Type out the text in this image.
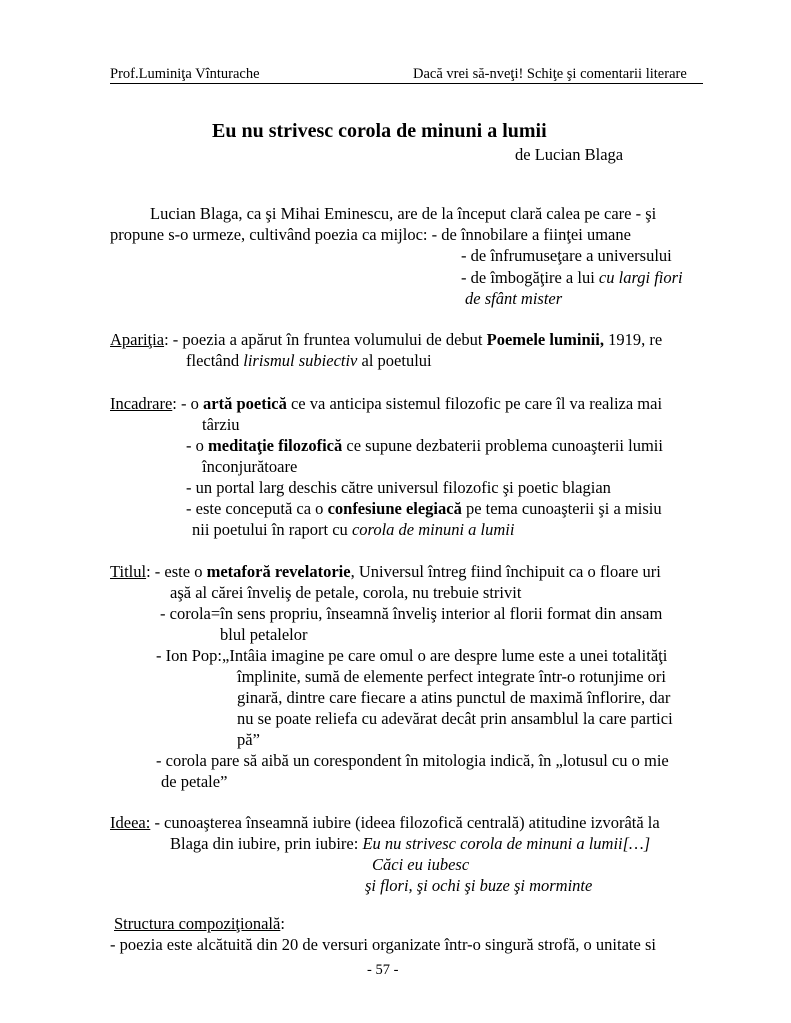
Prof.Luminiţa Vînturache	Dacă vrei să-nveţi! Schiţe şi comentarii literare
Eu nu strivesc corola de minuni a lumii
de Lucian Blaga
Lucian Blaga, ca şi Mihai Eminescu, are de la început clară calea pe care - şi
propune s-o urmeze, cultivând poezia ca mijloc: - de înnobilare a fiinţei umane
- de înfrumuseţare a universului
- de îmbogăţire a lui cu largi fiori
de sfânt mister
Apariţia: - poezia a apărut în fruntea volumului de debut Poemele luminii, 1919, re
flectând lirismul subiectiv al poetului
Incadrare: - o artă poetică ce va anticipa sistemul filozofic pe care îl va realiza mai
târziu
- o meditaţie filozofică ce supune dezbaterii problema cunoaşterii lumii
înconjurătoare
- un portal larg deschis către universul filozofic şi poetic blagian
- este concepută ca o confesiune elegiacă pe tema cunoaşterii şi a misiu
nii poetului în raport cu corola de minuni a lumii
Titlul: - este o metaforă revelatorie, Universul întreg fiind închipuit ca o floare uri
aşă al cărei înveliş de petale, corola, nu trebuie strivit
- corola=în sens propriu, înseamnă înveliş interior al florii format din ansam
blul petalelor
- Ion Pop:„Intâia imagine pe care omul o are despre lume este a unei totalităţi
împlinite, sumă de elemente perfect integrate într-o rotunjime ori
ginară, dintre care fiecare a atins punctul de maximă înflorire, dar
nu se poate reliefa cu adevărat decât prin ansamblul la care partici
pă”
- corola pare să aibă un corespondent în mitologia indică, în „lotusul cu o mie
de petale”
Ideea: - cunoaşterea înseamnă iubire (ideea filozofică centrală) atitudine izvorâtă la
Blaga din iubire, prin iubire: Eu nu strivesc corola de minuni a lumii[…]
Căci eu iubesc
şi flori, şi ochi şi buze şi morminte
Structura compoziţională:
- poezia este alcătuită din 20 de versuri organizate într-o singură strofă, o unitate si
- 57 -
